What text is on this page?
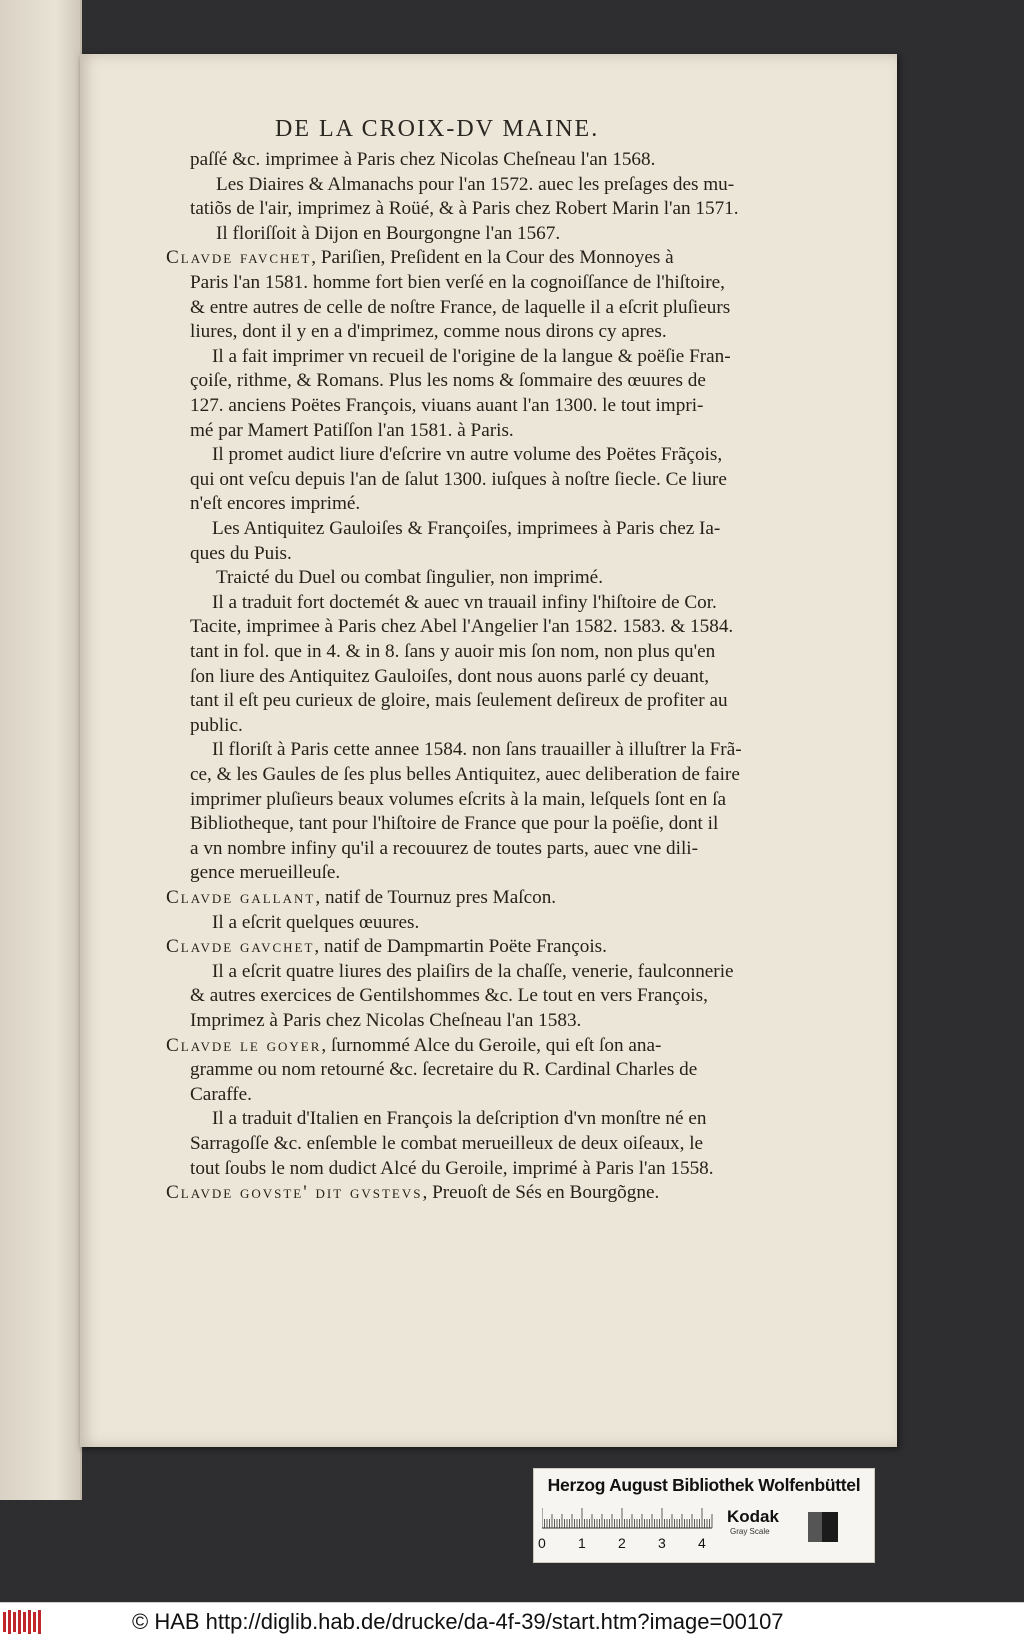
DE LA CROIX-DV MAINE.
paſſé &c. imprimee à Paris chez Nicolas Cheſneau l'an 1568.
Les Diaires & Almanachs pour l'an 1572. auec les preſages des mu-
tatiõs de l'air, imprimez à Roüé, & à Paris chez Robert Marin l'an 1571.
Il floriſſoit à Dijon en Bourgongne l'an 1567.
Clavde favchet, Pariſien, Preſident en la Cour des Monnoyes à
Paris l'an 1581. homme fort bien verſé en la cognoiſſance de l'hiſtoire,
& entre autres de celle de noſtre France, de laquelle il a eſcrit pluſieurs
liures, dont il y en a d'imprimez, comme nous dirons cy apres.
Il a fait imprimer vn recueil de l'origine de la langue & poëſie Fran-
çoiſe, rithme, & Romans. Plus les noms & ſommaire des œuures de
127. anciens Poëtes François, viuans auant l'an 1300. le tout impri-
mé par Mamert Patiſſon l'an 1581. à Paris.
Il promet audict liure d'eſcrire vn autre volume des Poëtes Frãçois,
qui ont veſcu depuis l'an de ſalut 1300. iuſques à noſtre ſiecle. Ce liure
n'eſt encores imprimé.
Les Antiquitez Gauloiſes & Françoiſes, imprimees à Paris chez Ia-
ques du Puis.
Traicté du Duel ou combat ſingulier, non imprimé.
Il a traduit fort doctemét & auec vn trauail infiny l'hiſtoire de Cor.
Tacite, imprimee à Paris chez Abel l'Angelier l'an 1582. 1583. & 1584.
tant in fol. que in 4. & in 8. ſans y auoir mis ſon nom, non plus qu'en
ſon liure des Antiquitez Gauloiſes, dont nous auons parlé cy deuant,
tant il eſt peu curieux de gloire, mais ſeulement deſireux de profiter au
public.
Il floriſt à Paris cette annee 1584. non ſans trauailler à illuſtrer la Frã-
ce, & les Gaules de ſes plus belles Antiquitez, auec deliberation de faire
imprimer pluſieurs beaux volumes eſcrits à la main, leſquels ſont en ſa
Bibliotheque, tant pour l'hiſtoire de France que pour la poëſie, dont il
a vn nombre infiny qu'il a recouurez de toutes parts, auec vne dili-
gence merueilleuſe.
Clavde gallant, natif de Tournuz pres Maſcon.
Il a eſcrit quelques œuures.
Clavde gavchet, natif de Dampmartin Poëte François.
Il a eſcrit quatre liures des plaiſirs de la chaſſe, venerie, faulconnerie
& autres exercices de Gentilshommes &c. Le tout en vers François,
Imprimez à Paris chez Nicolas Cheſneau l'an 1583.
Clavde le goyer, ſurnommé Alce du Geroile, qui eſt ſon ana-
gramme ou nom retourné &c. ſecretaire du R. Cardinal Charles de
Caraffe.
Il a traduit d'Italien en François la deſcription d'vn monſtre né en
Sarragoſſe &c. enſemble le combat merueilleux de deux oiſeaux, le
tout ſoubs le nom dudict Alcé du Geroile, imprimé à Paris l'an 1558.
Clavde govste' dit gvstevs, Preuoſt de Sés en Bourgõgne.
Herzog August Bibliothek Wolfenbüttel
0 1 2 3 4
Kodak
Gray Scale
© HAB http://diglib.hab.de/drucke/da-4f-39/start.htm?image=00107
